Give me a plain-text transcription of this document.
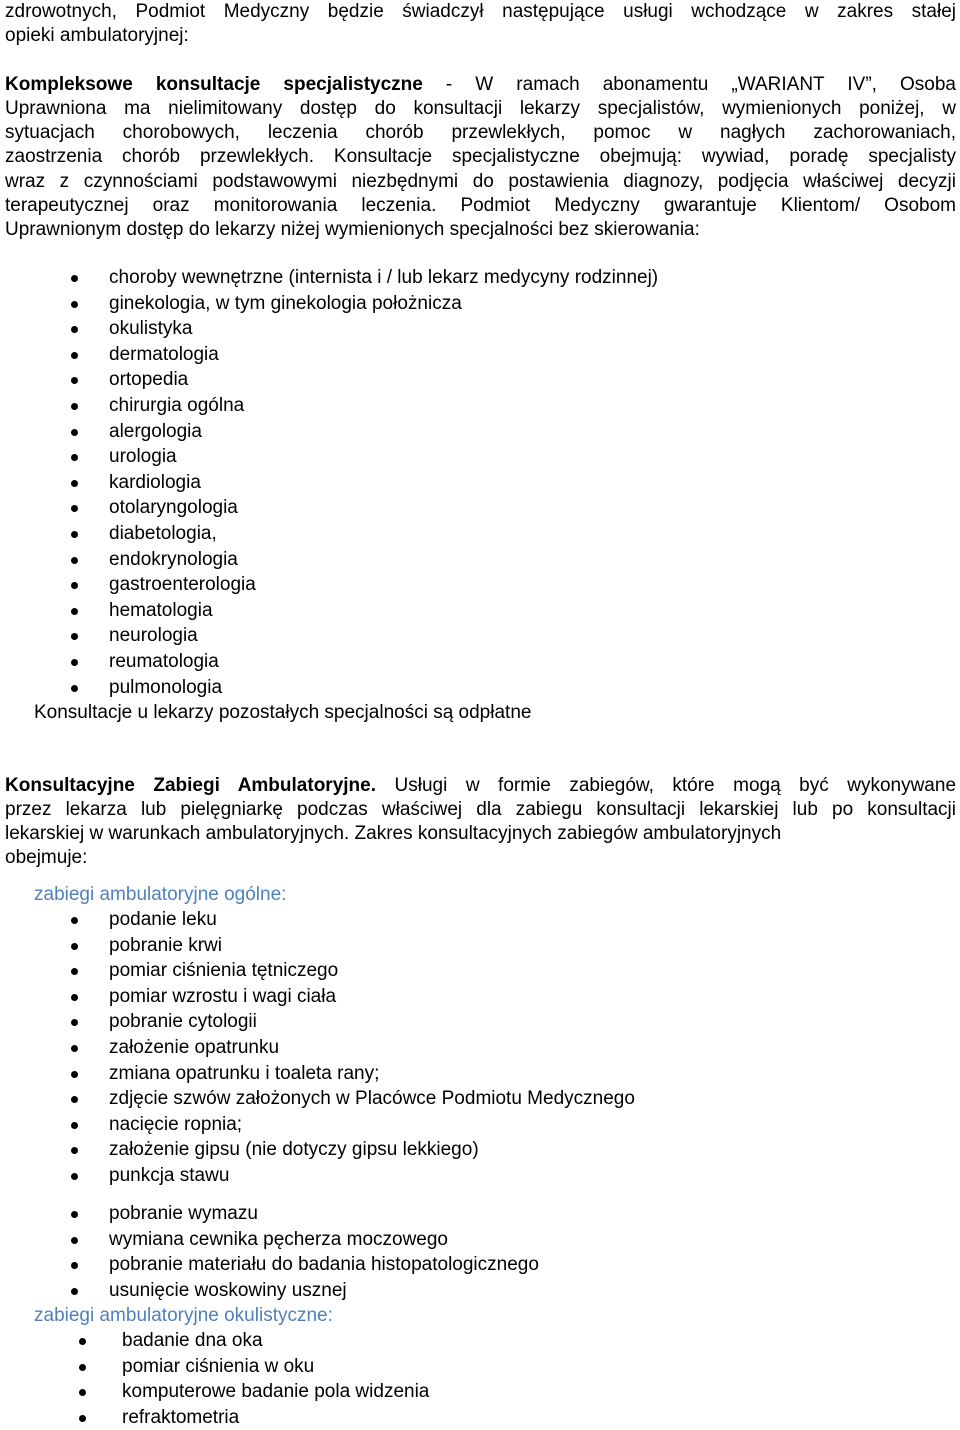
zdrowotnych, Podmiot Medyczny będzie świadczył następujące usługi wchodzące w zakres stałej
opieki ambulatoryjnej:
Kompleksowe konsultacje specjalistyczne - W ramach abonamentu „WARIANT IV”, Osoba
Uprawniona ma nielimitowany dostęp do konsultacji lekarzy specjalistów, wymienionych poniżej, w
sytuacjach chorobowych, leczenia chorób przewlekłych, pomoc w nagłych zachorowaniach,
zaostrzenia chorób przewlekłych. Konsultacje specjalistyczne obejmują: wywiad, poradę specjalisty
wraz z czynnościami podstawowymi niezbędnymi do postawienia diagnozy, podjęcia właściwej decyzji
terapeutycznej oraz monitorowania leczenia. Podmiot Medyczny gwarantuje Klientom/ Osobom
Uprawnionym dostęp do lekarzy niżej wymienionych specjalności bez skierowania:
choroby wewnętrzne (internista i / lub lekarz medycyny rodzinnej)
ginekologia, w tym ginekologia położnicza
okulistyka
dermatologia
ortopedia
chirurgia ogólna
alergologia
urologia
kardiologia
otolaryngologia
diabetologia,
endokrynologia
gastroenterologia
hematologia
neurologia
reumatologia
pulmonologia
Konsultacje u lekarzy pozostałych specjalności są odpłatne
Konsultacyjne Zabiegi Ambulatoryjne. Usługi w formie zabiegów, które mogą być wykonywane
przez lekarza lub pielęgniarkę podczas właściwej dla zabiegu konsultacji lekarskiej lub po konsultacji
lekarskiej w warunkach ambulatoryjnych. Zakres konsultacyjnych zabiegów ambulatoryjnych
obejmuje:
zabiegi ambulatoryjne ogólne:
podanie leku
pobranie krwi
pomiar ciśnienia tętniczego
pomiar wzrostu i wagi ciała
pobranie cytologii
założenie opatrunku
zmiana opatrunku i toaleta rany;
zdjęcie szwów założonych w Placówce Podmiotu Medycznego
nacięcie ropnia;
założenie gipsu (nie dotyczy gipsu lekkiego)
punkcja stawu
pobranie wymazu
wymiana cewnika pęcherza moczowego
pobranie materiału do badania histopatologicznego
usunięcie woskowiny usznej
zabiegi ambulatoryjne okulistyczne:
badanie dna oka
pomiar ciśnienia w oku
komputerowe badanie pola widzenia
refraktometria
